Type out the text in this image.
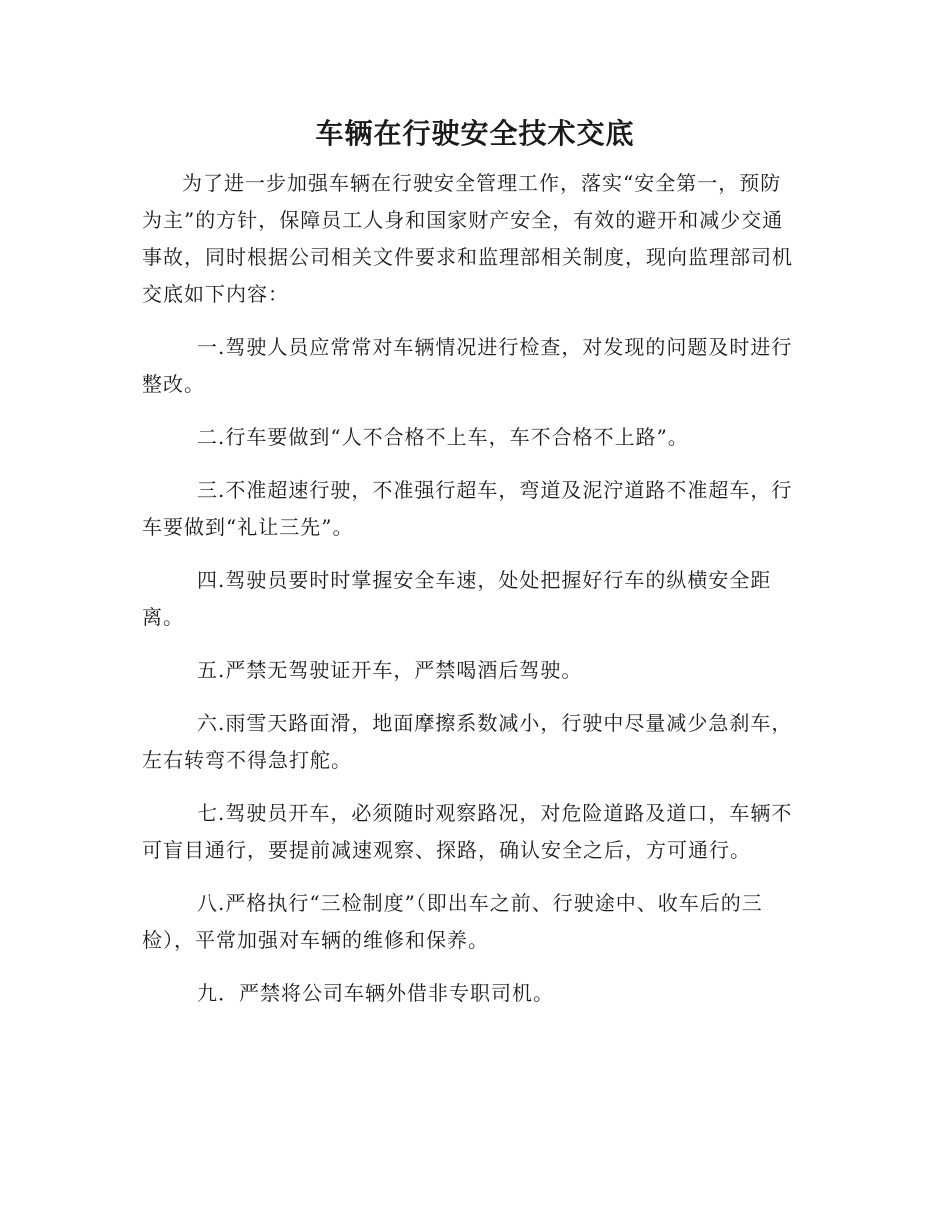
车辆在行驶安全技术交底

为了进一步加强车辆在行驶安全管理工作，落实“安全第一，预防为主”的方针，保障员工人身和国家财产安全，有效的避开和减少交通事故，同时根据公司相关文件要求和监理部相关制度，现向监理部司机交底如下内容：

一.驾驶人员应常常对车辆情况进行检查，对发现的问题及时进行整改。

二.行车要做到“人不合格不上车，车不合格不上路”。

三.不准超速行驶，不准强行超车，弯道及泥泞道路不准超车，行车要做到“礼让三先”。

四.驾驶员要时时掌握安全车速，处处把握好行车的纵横安全距离。

五.严禁无驾驶证开车，严禁喝酒后驾驶。

六.雨雪天路面滑，地面摩擦系数减小，行驶中尽量减少急刹车，左右转弯不得急打舵。

七.驾驶员开车，必须随时观察路况，对危险道路及道口，车辆不可盲目通行，要提前减速观察、探路，确认安全之后，方可通行。

八.严格执行“三检制度”（即出车之前、行驶途中、收车后的三检），平常加强对车辆的维修和保养。

九．严禁将公司车辆外借非专职司机。
